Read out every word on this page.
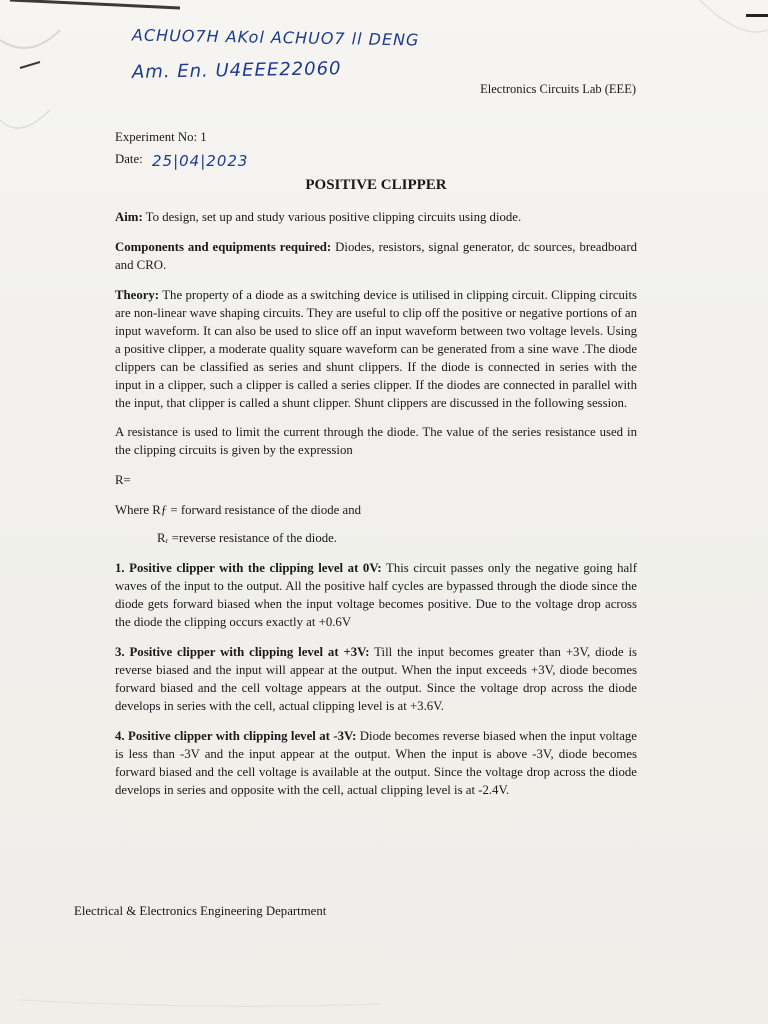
ACHUO7H AKol ACHUO7 ll DENG
Am. En. U4EEE22060
Electronics Circuits Lab (EEE)
Experiment No: 1
Date:
POSITIVE CLIPPER

Aim: To design, set up and study various positive clipping circuits using diode.

Components and equipments required: Diodes, resistors, signal generator, dc sources, breadboard and CRO.

Theory: The property of a diode as a switching device is utilised in clipping circuit. Clipping circuits are non-linear wave shaping circuits. They are useful to clip off the positive or negative portions of an input waveform. It can also be used to slice off an input waveform between two voltage levels. Using a positive clipper, a moderate quality square waveform can be generated from a sine wave .The diode clippers can be classified as series and shunt clippers. If the diode is connected in series with the input in a clipper, such a clipper is called a series clipper. If the diodes are connected in parallel with the input, that clipper is called a shunt clipper. Shunt clippers are discussed in the following session.

A resistance is used to limit the current through the diode. The value of the series resistance used in the clipping circuits is given by the expression

R=
Where Rƒ = forward resistance of the diode and
Rᵣ =reverse resistance of the diode.

1. Positive clipper with the clipping level at 0V: This circuit passes only the negative going half waves of the input to the output. All the positive half cycles are bypassed through the diode since the diode gets forward biased when the input voltage becomes positive. Due to the voltage drop across the diode the clipping occurs exactly at +0.6V

3. Positive clipper with clipping level at +3V: Till the input becomes greater than +3V, diode is reverse biased and the input will appear at the output. When the input exceeds +3V, diode becomes forward biased and the cell voltage appears at the output. Since the voltage drop across the diode develops in series with the cell, actual clipping level is at +3.6V.

4. Positive clipper with clipping level at -3V: Diode becomes reverse biased when the input voltage is less than -3V and the input appear at the output. When the input is above -3V, diode becomes forward biased and the cell voltage is available at the output. Since the voltage drop across the diode develops in series and opposite with the cell, actual clipping level is at -2.4V.

25|04|2023
Electrical & Electronics Engineering Department
